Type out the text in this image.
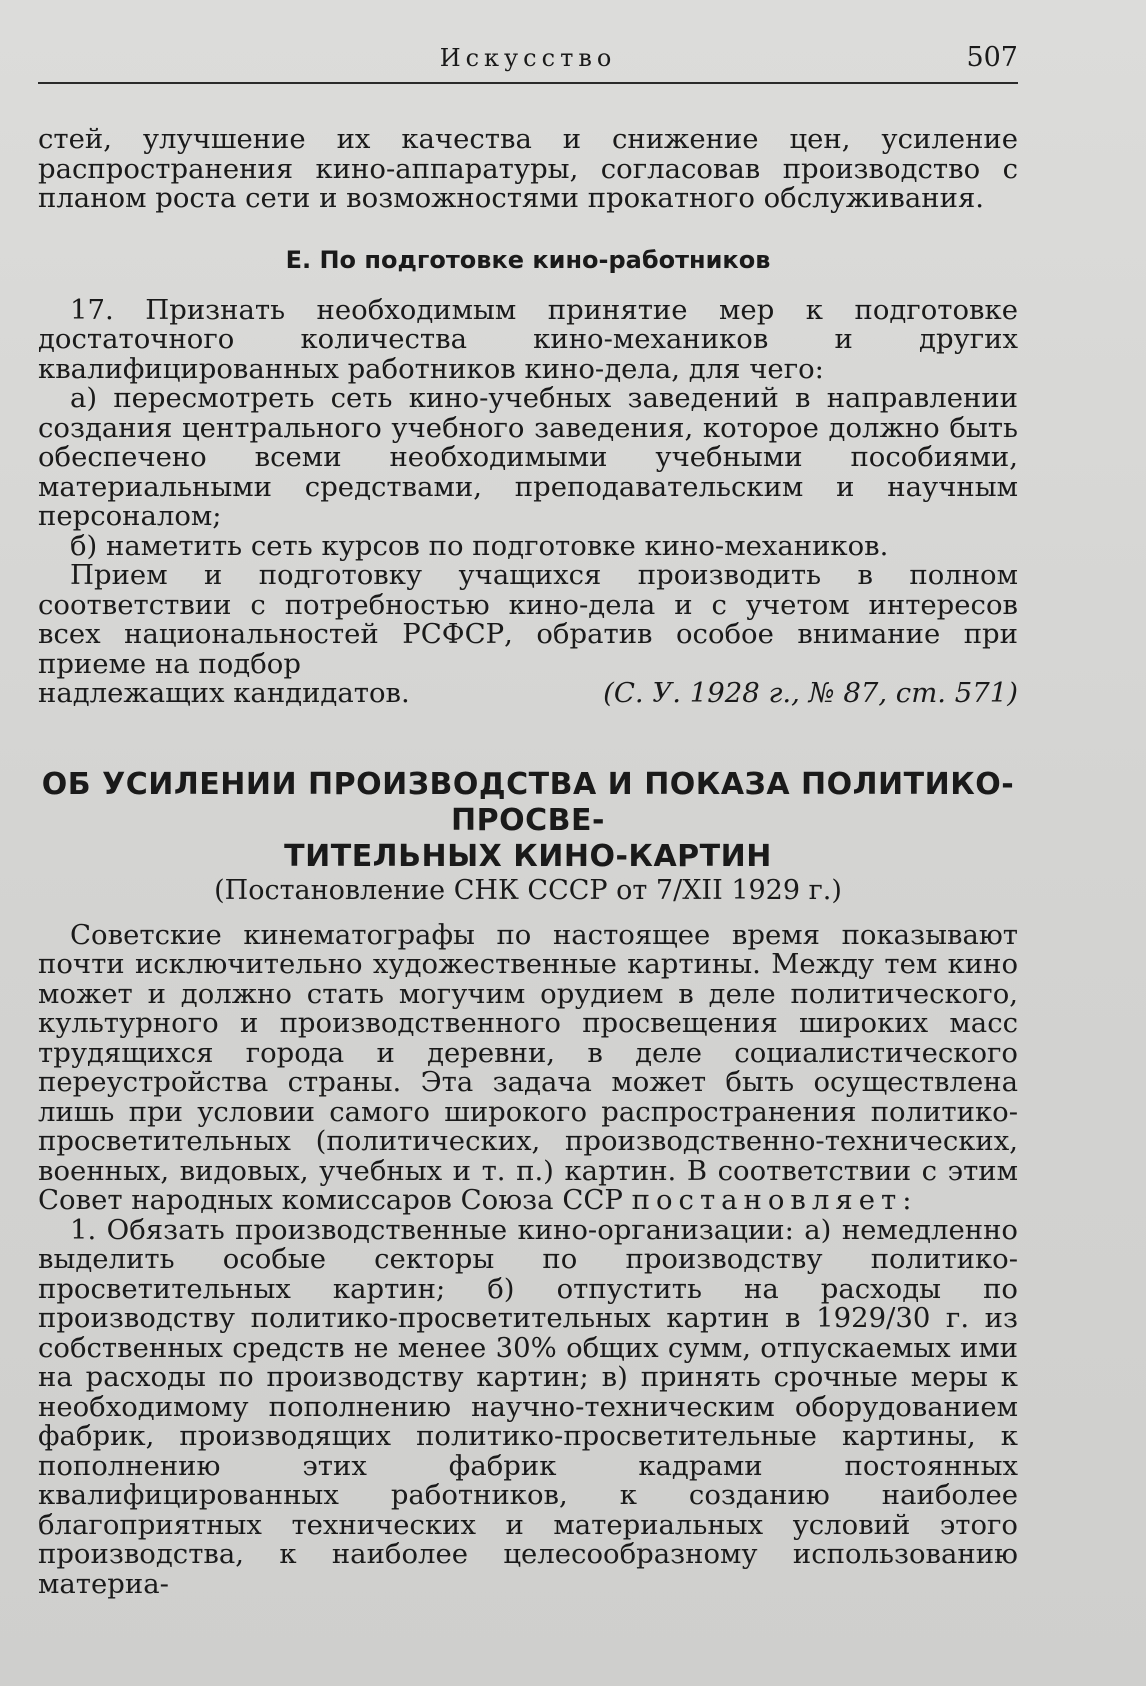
Искусство	507

стей, улучшение их качества и снижение цен, усиление распространения кино-аппаратуры, согласовав производство с планом роста сети и возможностями прокатного обслуживания.

Е. По подготовке кино-работников

17. Признать необходимым принятие мер к подготовке достаточного количества кино-механиков и других квалифицированных работников кино-дела, для чего:

а) пересмотреть сеть кино-учебных заведений в направлении создания центрального учебного заведения, которое должно быть обеспечено всеми необходимыми учебными пособиями, материальными средствами, преподавательским и научным персоналом;

б) наметить сеть курсов по подготовке кино-механиков.

Прием и подготовку учащихся производить в полном соответствии с потребностью кино-дела и с учетом интересов всех национальностей РСФСР, обратив особое внимание при приеме на подбор

надлежащих кандидатов.	(С. У. 1928 г., № 87, ст. 571)
ОБ УСИЛЕНИИ ПРОИЗВОДСТВА И ПОКАЗА ПОЛИТИКО-ПРОСВЕ-
ТИТЕЛЬНЫХ КИНО-КАРТИН
(Постановление СНК СССР от 7/XII 1929 г.)

Советские кинематографы по настоящее время показывают почти исключительно художественные картины. Между тем кино может и должно стать могучим орудием в деле политического, культурного и производственного просвещения широких масс трудящихся города и деревни, в деле социалистического переустройства страны. Эта задача может быть осуществлена лишь при условии самого широкого распространения политико-просветительных (политических, производственно-технических, военных, видовых, учебных и т. п.) картин. В соответствии с этим Совет народных комиссаров Союза ССР постановляет:

1. Обязать производственные кино-организации: а) немедленно выделить особые секторы по производству политико-просветительных картин; б) отпустить на расходы по производству политико-просветительных картин в 1929/30 г. из собственных средств не менее 30% общих сумм, отпускаемых ими на расходы по производству картин; в) принять срочные меры к необходимому пополнению научно-техническим оборудованием фабрик, производящих политико-просветительные картины, к пополнению этих фабрик кадрами постоянных квалифицированных работников, к созданию наиболее благоприятных технических и материальных условий этого производства, к наиболее целесообразному использованию материа-
